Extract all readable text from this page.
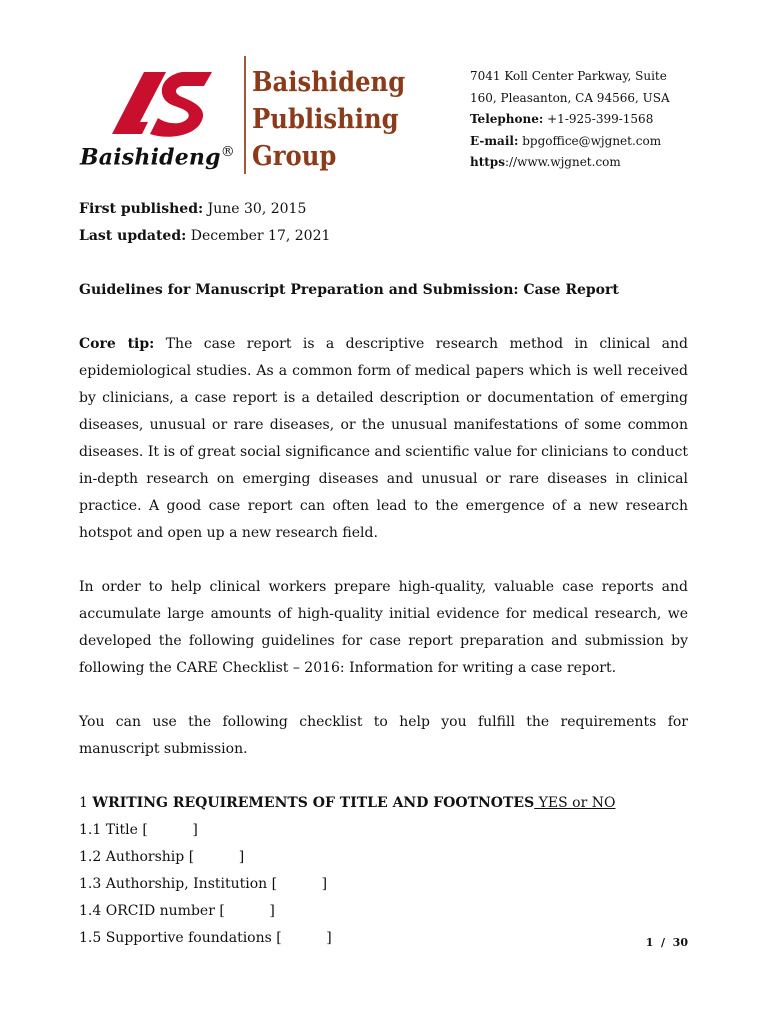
Baishideng®
Baishideng
Publishing
Group
7041 Koll Center Parkway, Suite
160, Pleasanton, CA 94566, USA
Telephone: +1-925-399-1568
E-mail: bpgoffice@wjgnet.com
https://www.wjgnet.com

First published: June 30, 2015

Last updated: December 17, 2021

Guidelines for Manuscript Preparation and Submission: Case Report

Core tip: The case report is a descriptive research method in clinical and epidemiological studies. As a common form of medical papers which is well received by clinicians, a case report is a detailed description or documentation of emerging diseases, unusual or rare diseases, or the unusual manifestations of some common diseases. It is of great social significance and scientific value for clinicians to conduct in-depth research on emerging diseases and unusual or rare diseases in clinical practice. A good case report can often lead to the emergence of a new research hotspot and open up a new research field.

In order to help clinical workers prepare high-quality, valuable case reports and accumulate large amounts of high-quality initial evidence for medical research, we developed the following guidelines for case report preparation and submission by following the CARE Checklist – 2016: Information for writing a case report.

You can use the following checklist to help you fulfill the requirements for manuscript submission.

1 WRITING REQUIREMENTS OF TITLE AND FOOTNOTES YES or NO

1.1 Title [	]

1.2 Authorship [	]

1.3 Authorship, Institution [	]

1.4 ORCID number [	]

1.5 Supportive foundations [	]	1  /  30
